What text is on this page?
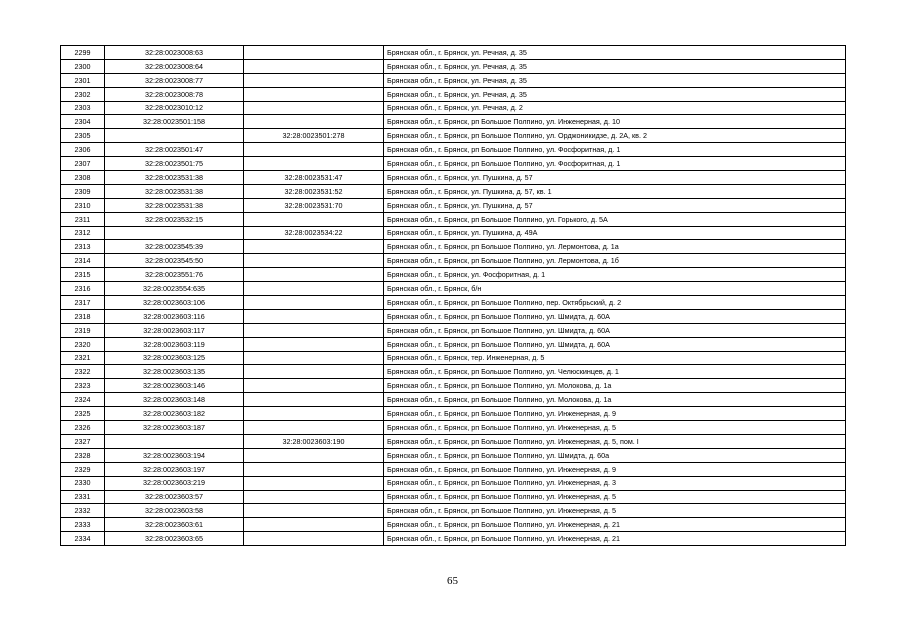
2299	32:28:0023008:63		Брянская обл., г. Брянск, ул. Речная, д. 35
2300	32:28:0023008:64		Брянская обл., г. Брянск, ул. Речная, д. 35
2301	32:28:0023008:77		Брянская обл., г. Брянск, ул. Речная, д. 35
2302	32:28:0023008:78		Брянская обл., г. Брянск, ул. Речная, д. 35
2303	32:28:0023010:12		Брянская обл., г. Брянск, ул. Речная, д. 2
2304	32:28:0023501:158		Брянская обл., г. Брянск, рп Большое Полпино, ул. Инженерная, д. 10
2305		32:28:0023501:278	Брянская обл., г. Брянск, рп Большое Полпино, ул. Орджоникидзе, д. 2А, кв. 2
2306	32:28:0023501:47		Брянская обл., г. Брянск, рп Большое Полпино, ул. Фосфоритная, д. 1
2307	32:28:0023501:75		Брянская обл., г. Брянск, рп Большое Полпино, ул. Фосфоритная, д. 1
2308	32:28:0023531:38	32:28:0023531:47	Брянская обл., г. Брянск, ул. Пушкина, д. 57
2309	32:28:0023531:38	32:28:0023531:52	Брянская обл., г. Брянск, ул. Пушкина, д. 57, кв. 1
2310	32:28:0023531:38	32:28:0023531:70	Брянская обл., г. Брянск, ул. Пушкина, д. 57
2311	32:28:0023532:15		Брянская обл., г. Брянск, рп Большое Полпино, ул. Горького, д. 5А
2312		32:28:0023534:22	Брянская обл., г. Брянск, ул. Пушкина, д. 49А
2313	32:28:0023545:39		Брянская обл., г. Брянск, рп Большое Полпино, ул. Лермонтова, д. 1а
2314	32:28:0023545:50		Брянская обл., г. Брянск, рп Большое Полпино, ул. Лермонтова, д. 1б
2315	32:28:0023551:76		Брянская обл., г. Брянск, ул. Фосфоритная, д. 1
2316	32:28:0023554:635		Брянская обл., г. Брянск, б/н
2317	32:28:0023603:106		Брянская обл., г. Брянск, рп Большое Полпино, пер. Октябрьский, д. 2
2318	32:28:0023603:116		Брянская обл., г. Брянск, рп Большое Полпино, ул. Шмидта, д. 60А
2319	32:28:0023603:117		Брянская обл., г. Брянск, рп Большое Полпино, ул. Шмидта, д. 60А
2320	32:28:0023603:119		Брянская обл., г. Брянск, рп Большое Полпино, ул. Шмидта, д. 60А
2321	32:28:0023603:125		Брянская обл., г. Брянск, тер. Инженерная, д. 5
2322	32:28:0023603:135		Брянская обл., г. Брянск, рп Большое Полпино, ул. Челюскинцев, д. 1
2323	32:28:0023603:146		Брянская обл., г. Брянск, рп Большое Полпино, ул. Молокова, д. 1а
2324	32:28:0023603:148		Брянская обл., г. Брянск, рп Большое Полпино, ул. Молокова, д. 1а
2325	32:28:0023603:182		Брянская обл., г. Брянск, рп Большое Полпино, ул. Инженерная, д. 9
2326	32:28:0023603:187		Брянская обл., г. Брянск, рп Большое Полпино, ул. Инженерная, д. 5
2327		32:28:0023603:190	Брянская обл., г. Брянск, рп Большое Полпино, ул. Инженерная, д. 5, пом. I
2328	32:28:0023603:194		Брянская обл., г. Брянск, рп Большое Полпино, ул. Шмидта, д. 60а
2329	32:28:0023603:197		Брянская обл., г. Брянск, рп Большое Полпино, ул. Инженерная, д. 9
2330	32:28:0023603:219		Брянская обл., г. Брянск, рп Большое Полпино, ул. Инженерная, д. 3
2331	32:28:0023603:57		Брянская обл., г. Брянск, рп Большое Полпино, ул. Инженерная, д. 5
2332	32:28:0023603:58		Брянская обл., г. Брянск, рп Большое Полпино, ул. Инженерная, д. 5
2333	32:28:0023603:61		Брянская обл., г. Брянск, рп Большое Полпино, ул. Инженерная, д. 21
2334	32:28:0023603:65		Брянская обл., г. Брянск, рп Большое Полпино, ул. Инженерная, д. 21
65
